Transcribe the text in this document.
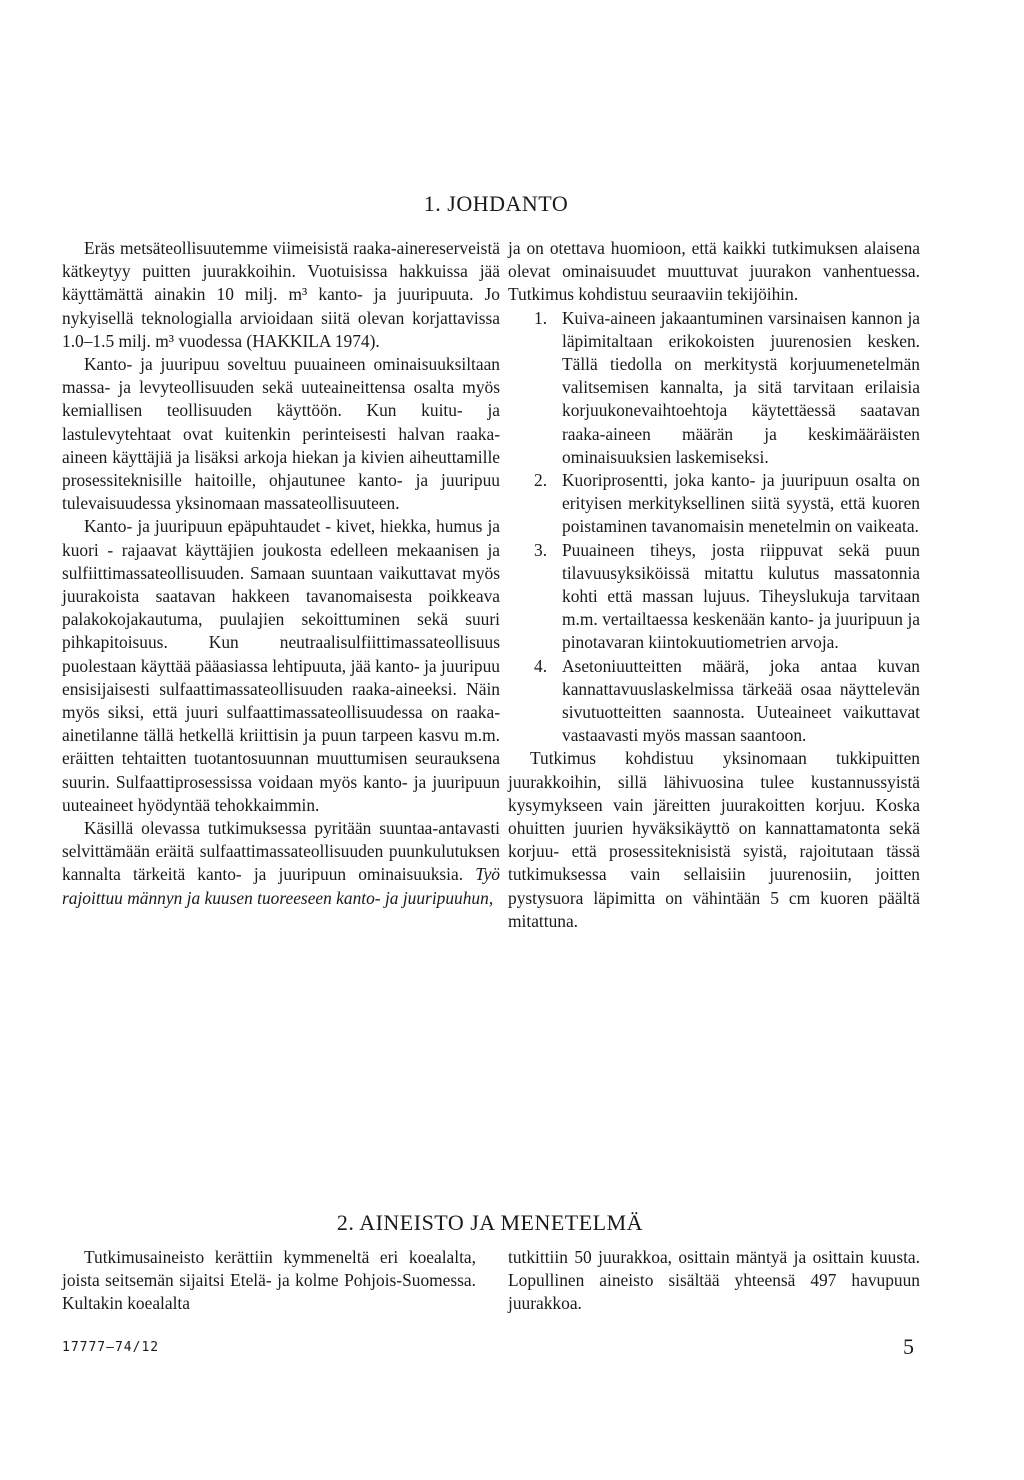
1. JOHDANTO

Eräs metsäteollisuutemme viimeisistä raaka-ainereserveistä kätkeytyy puitten juurakkoihin. Vuotuisissa hakkuissa jää käyttämättä ainakin 10 milj. m³ kanto- ja juuripuuta. Jo nykyisellä teknologialla arvioidaan siitä olevan korjattavissa 1.0–1.5 milj. m³ vuodessa (HAKKILA 1974).

Kanto- ja juuripuu soveltuu puuaineen ominaisuuksiltaan massa- ja levyteollisuuden sekä uuteaineittensa osalta myös kemiallisen teollisuuden käyttöön. Kun kuitu- ja lastulevytehtaat ovat kuitenkin perinteisesti halvan raaka-aineen käyttäjiä ja lisäksi arkoja hiekan ja kivien aiheuttamille prosessiteknisille haitoille, ohjautunee kanto- ja juuripuu tulevaisuudessa yksinomaan massateollisuuteen.

Kanto- ja juuripuun epäpuhtaudet - kivet, hiekka, humus ja kuori - rajaavat käyttäjien joukosta edelleen mekaanisen ja sulfiittimassateollisuuden. Samaan suuntaan vaikuttavat myös juurakoista saatavan hakkeen tavanomaisesta poikkeava palakokojakautuma, puulajien sekoittuminen sekä suuri pihkapitoisuus. Kun neutraalisulfiittimassateollisuus puolestaan käyttää pääasiassa lehtipuuta, jää kanto- ja juuripuu ensisijaisesti sulfaattimassateollisuuden raaka-aineeksi. Näin myös siksi, että juuri sulfaattimassateollisuudessa on raaka-ainetilanne tällä hetkellä kriittisin ja puun tarpeen kasvu m.m. eräitten tehtaitten tuotantosuunnan muuttumisen seurauksena suurin. Sulfaattiprosessissa voidaan myös kanto- ja juuripuun uuteaineet hyödyntää tehokkaimmin.

Käsillä olevassa tutkimuksessa pyritään suuntaa-antavasti selvittämään eräitä sulfaattimassateollisuuden puunkulutuksen kannalta tärkeitä kanto- ja juuripuun ominaisuuksia. Työ rajoittuu männyn ja kuusen tuoreeseen kanto- ja juuripuuhun,

ja on otettava huomioon, että kaikki tutkimuksen alaisena olevat ominaisuudet muuttuvat juurakon vanhentuessa. Tutkimus kohdistuu seuraaviin tekijöihin.

1. Kuiva-aineen jakaantuminen varsinaisen kannon ja läpimitaltaan erikokoisten juurenosien kesken. Tällä tiedolla on merkitystä korjuumenetelmän valitsemisen kannalta, ja sitä tarvitaan erilaisia korjuukonevaihtoehtoja käytettäessä saatavan raaka-aineen määrän ja keskimääräisten ominaisuuksien laskemiseksi.
2. Kuoriprosentti, joka kanto- ja juuripuun osalta on erityisen merkityksellinen siitä syystä, että kuoren poistaminen tavanomaisin menetelmin on vaikeata.
3. Puuaineen tiheys, josta riippuvat sekä puun tilavuusyksiköissä mitattu kulutus massatonnia kohti että massan lujuus. Tiheyslukuja tarvitaan m.m. vertailtaessa keskenään kanto- ja juuripuun ja pinotavaran kiintokuutiometrien arvoja.
4. Asetoniuutteitten määrä, joka antaa kuvan kannattavuuslaskelmissa tärkeää osaa näyttelevän sivutuotteitten saannosta. Uuteaineet vaikuttavat vastaavasti myös massan saantoon.

Tutkimus kohdistuu yksinomaan tukkipuitten juurakkoihin, sillä lähivuosina tulee kustannussyistä kysymykseen vain järeitten juurakoitten korjuu. Koska ohuitten juurien hyväksikäyttö on kannattamatonta sekä korjuu- että prosessiteknisistä syistä, rajoitutaan tässä tutkimuksessa vain sellaisiin juurenosiin, joitten pystysuora läpimitta on vähintään 5 cm kuoren päältä mitattuna.

2. AINEISTO JA MENETELMÄ

Tutkimusaineisto kerättiin kymmeneltä eri koealalta, joista seitsemän sijaitsi Etelä- ja kolme Pohjois-Suomessa. Kultakin koealalta

tutkittiin 50 juurakkoa, osittain mäntyä ja osittain kuusta. Lopullinen aineisto sisältää yhteensä 497 havupuun juurakkoa.

17777—74/12	5
